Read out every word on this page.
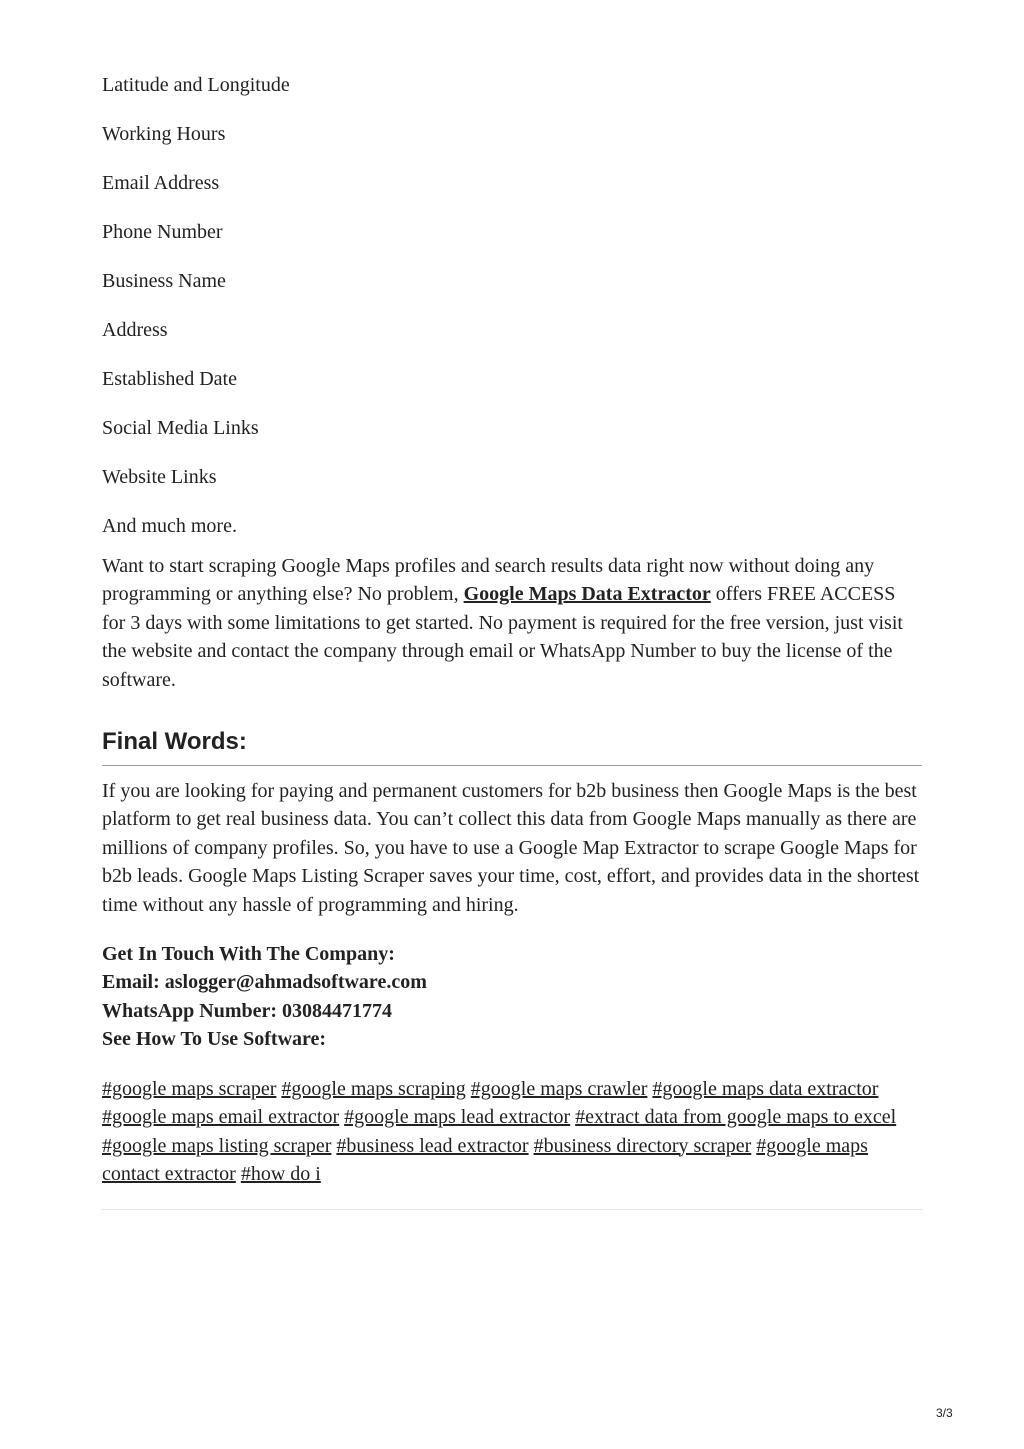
Latitude and Longitude

Working Hours

Email Address

Phone Number

Business Name

Address

Established Date

Social Media Links

Website Links

And much more.

Want to start scraping Google Maps profiles and search results data right now without doing any programming or anything else? No problem, Google Maps Data Extractor offers FREE ACCESS for 3 days with some limitations to get started. No payment is required for the free version, just visit the website and contact the company through email or WhatsApp Number to buy the license of the software.

Final Words:

If you are looking for paying and permanent customers for b2b business then Google Maps is the best platform to get real business data. You can’t collect this data from Google Maps manually as there are millions of company profiles. So, you have to use a Google Map Extractor to scrape Google Maps for b2b leads. Google Maps Listing Scraper saves your time, cost, effort, and provides data in the shortest time without any hassle of programming and hiring.

Get In Touch With The Company:
Email: aslogger@ahmadsoftware.com
WhatsApp Number: 03084471774
See How To Use Software:
#google maps scraper #google maps scraping #google maps crawler #google maps data extractor #google maps email extractor #google maps lead extractor #extract data from google maps to excel #google maps listing scraper #business lead extractor #business directory scraper #google maps contact extractor #how do i
3/3
